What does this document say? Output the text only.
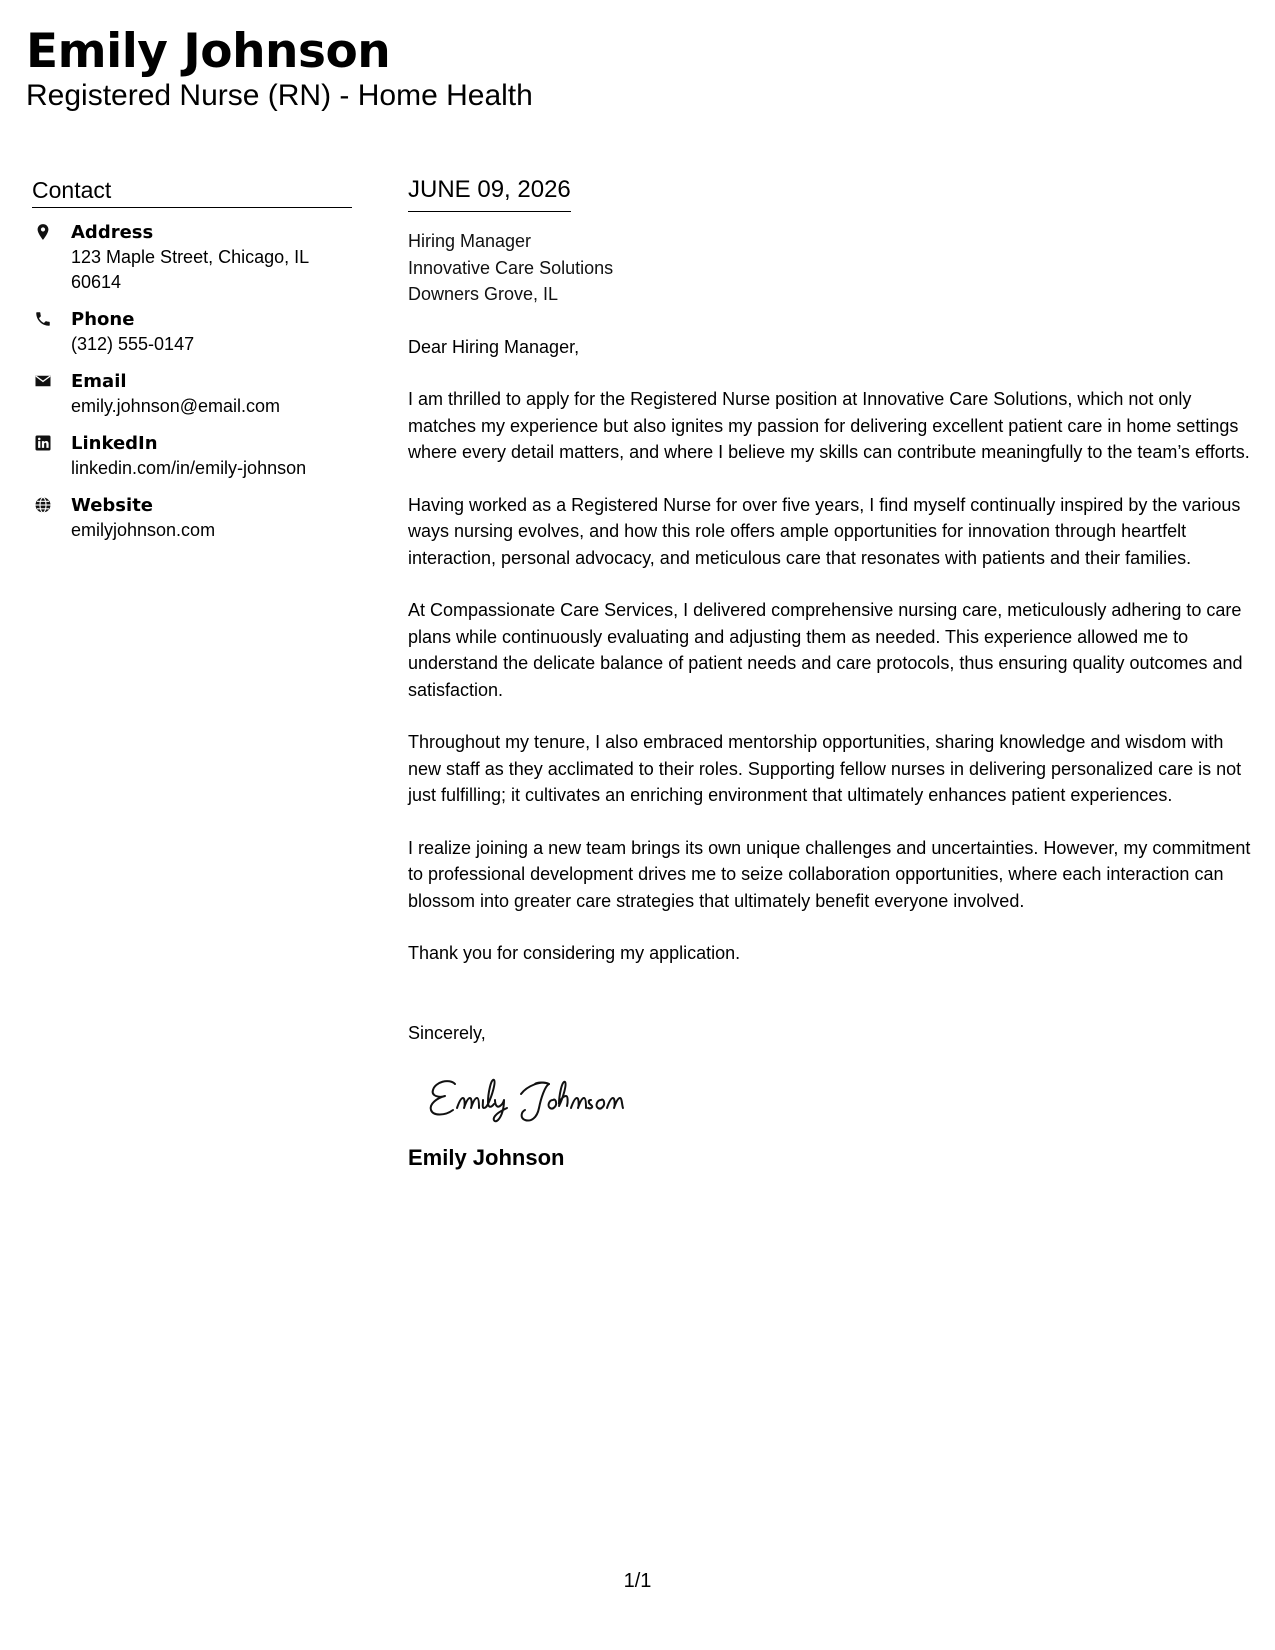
Emily Johnson
Registered Nurse (RN) - Home Health
Contact
Address
123 Maple Street, Chicago, IL 60614
Phone
(312) 555-0147
Email
emily.johnson@email.com
LinkedIn
linkedin.com/in/emily-johnson
Website
emilyjohnson.com
JUNE 09, 2026
Hiring Manager
Innovative Care Solutions
Downers Grove, IL
Dear Hiring Manager,
I am thrilled to apply for the Registered Nurse position at Innovative Care Solutions, which not only matches my experience but also ignites my passion for delivering excellent patient care in home settings where every detail matters, and where I believe my skills can contribute meaningfully to the team’s efforts.
Having worked as a Registered Nurse for over five years, I find myself continually inspired by the various ways nursing evolves, and how this role offers ample opportunities for innovation through heartfelt interaction, personal advocacy, and meticulous care that resonates with patients and their families.
At Compassionate Care Services, I delivered comprehensive nursing care, meticulously adhering to care plans while continuously evaluating and adjusting them as needed. This experience allowed me to understand the delicate balance of patient needs and care protocols, thus ensuring quality outcomes and satisfaction.
Throughout my tenure, I also embraced mentorship opportunities, sharing knowledge and wisdom with new staff as they acclimated to their roles. Supporting fellow nurses in delivering personalized care is not just fulfilling; it cultivates an enriching environment that ultimately enhances patient experiences.
I realize joining a new team brings its own unique challenges and uncertainties. However, my commitment to professional development drives me to seize collaboration opportunities, where each interaction can blossom into greater care strategies that ultimately benefit everyone involved.
Thank you for considering my application.
Sincerely,
Emily Johnson
1/1
